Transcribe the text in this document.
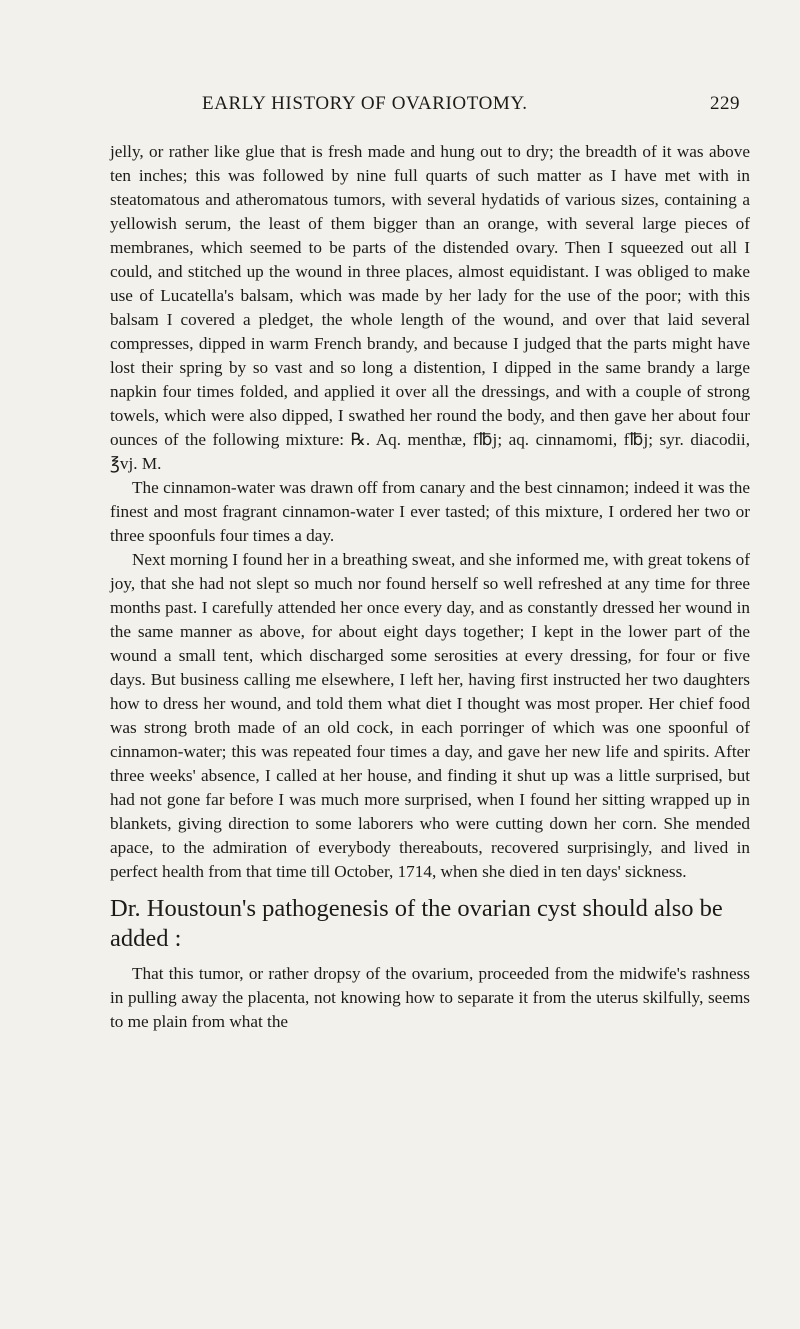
EARLY HISTORY OF OVARIOTOMY.	229

jelly, or rather like glue that is fresh made and hung out to dry; the breadth of it was above ten inches; this was followed by nine full quarts of such matter as I have met with in steatomatous and atheromatous tumors, with several hydatids of various sizes, containing a yellowish serum, the least of them bigger than an orange, with several large pieces of membranes, which seemed to be parts of the distended ovary. Then I squeezed out all I could, and stitched up the wound in three places, almost equidistant. I was obliged to make use of Lucatella's balsam, which was made by her lady for the use of the poor; with this balsam I covered a pledget, the whole length of the wound, and over that laid several compresses, dipped in warm French brandy, and because I judged that the parts might have lost their spring by so vast and so long a distention, I dipped in the same brandy a large napkin four times folded, and applied it over all the dressings, and with a couple of strong towels, which were also dipped, I swathed her round the body, and then gave her about four ounces of the following mixture: ℞. Aq. menthæ, f℔j; aq. cinnamomi, f℔j; syr. diacodii, ℥vj. M.

The cinnamon-water was drawn off from canary and the best cinnamon; indeed it was the finest and most fragrant cinnamon-water I ever tasted; of this mixture, I ordered her two or three spoonfuls four times a day.

Next morning I found her in a breathing sweat, and she informed me, with great tokens of joy, that she had not slept so much nor found herself so well refreshed at any time for three months past. I carefully attended her once every day, and as constantly dressed her wound in the same manner as above, for about eight days together; I kept in the lower part of the wound a small tent, which discharged some serosities at every dressing, for four or five days. But business calling me elsewhere, I left her, having first instructed her two daughters how to dress her wound, and told them what diet I thought was most proper. Her chief food was strong broth made of an old cock, in each porringer of which was one spoonful of cinnamon-water; this was repeated four times a day, and gave her new life and spirits. After three weeks' absence, I called at her house, and finding it shut up was a little surprised, but had not gone far before I was much more surprised, when I found her sitting wrapped up in blankets, giving direction to some laborers who were cutting down her corn. She mended apace, to the admiration of everybody thereabouts, recovered surprisingly, and lived in perfect health from that time till October, 1714, when she died in ten days' sickness.

Dr. Houstoun's pathogenesis of the ovarian cyst should also be added :

That this tumor, or rather dropsy of the ovarium, proceeded from the midwife's rashness in pulling away the placenta, not knowing how to separate it from the uterus skilfully, seems to me plain from what the
